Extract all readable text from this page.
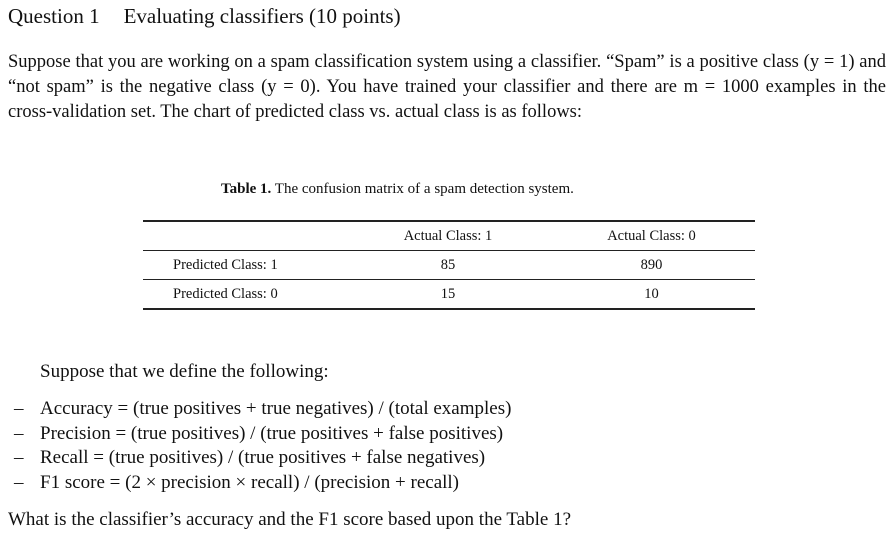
Question 1 Evaluating classifiers (10 points)

Suppose that you are working on a spam classification system using a classifier. “Spam” is a positive class (y = 1) and “not spam” is the negative class (y = 0). You have trained your classifier and there are m = 1000 examples in the cross-validation set. The chart of predicted class vs. actual class is as follows:

Table 1. The confusion matrix of a spam detection system.
	Actual Class: 1	Actual Class: 0
Predicted Class: 1	85	890
Predicted Class: 0	15	10
Suppose that we define the following:
– Accuracy = (true positives + true negatives) / (total examples)
– Precision = (true positives) / (true positives + false positives)
– Recall = (true positives) / (true positives + false negatives)
– F1 score = (2 × precision × recall) / (precision + recall)
What is the classifier’s accuracy and the F1 score based upon the Table 1?
